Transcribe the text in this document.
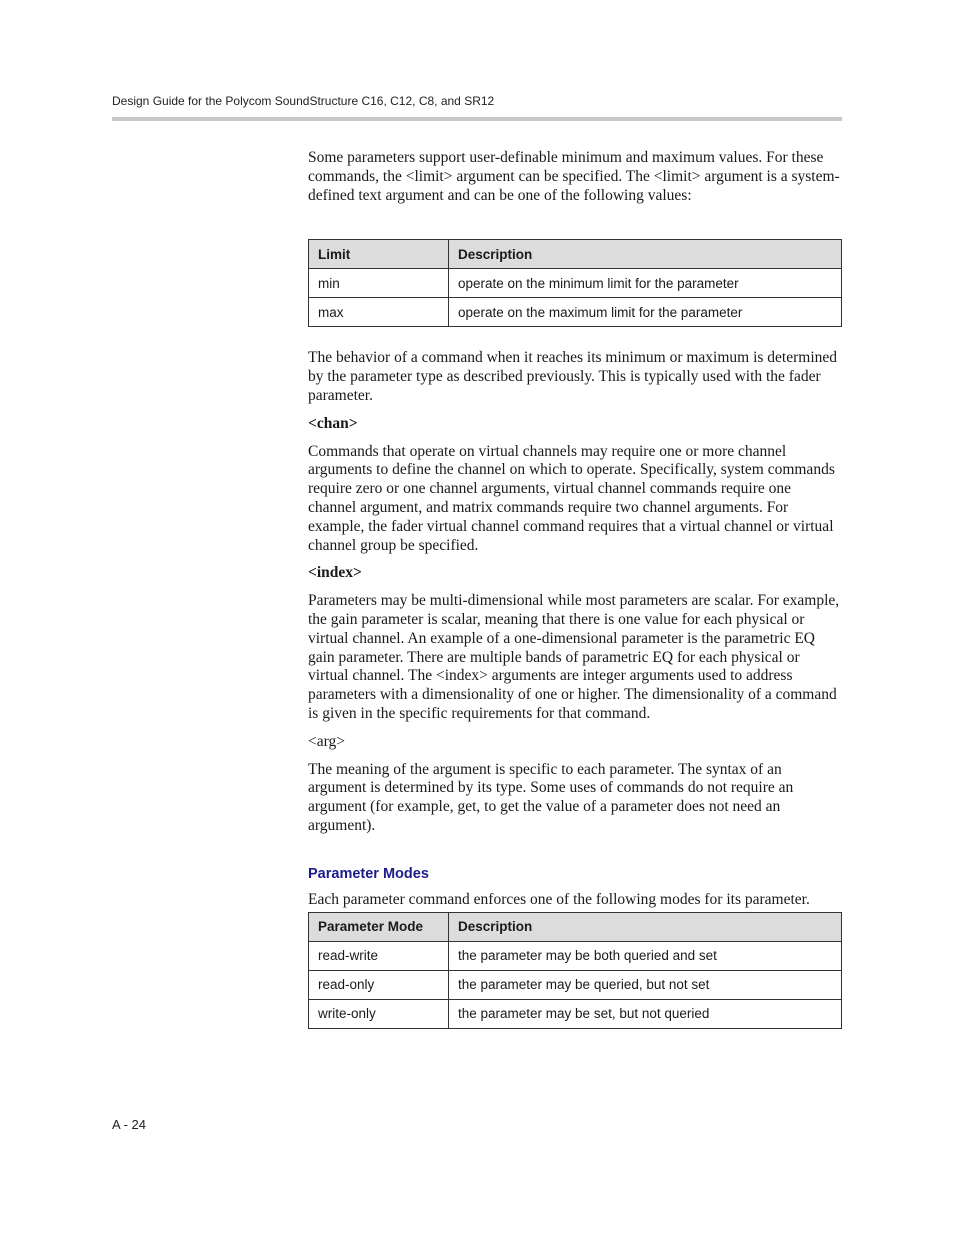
Design Guide for the Polycom SoundStructure C16, C12, C8, and SR12

Some parameters support user-definable minimum and maximum values. For these commands, the <limit> argument can be specified. The <limit> argument is a system-defined text argument and can be one of the following values:

Limit	Description
min	operate on the minimum limit for the parameter
max	operate on the maximum limit for the parameter

The behavior of a command when it reaches its minimum or maximum is determined by the parameter type as described previously. This is typically used with the fader parameter.

<chan>

Commands that operate on virtual channels may require one or more channel arguments to define the channel on which to operate. Specifically, system commands require zero or one channel arguments, virtual channel commands require one channel argument, and matrix commands require two channel arguments. For example, the fader virtual channel command requires that a virtual channel or virtual channel group be specified.

<index>

Parameters may be multi-dimensional while most parameters are scalar. For example, the gain parameter is scalar, meaning that there is one value for each physical or virtual channel. An example of a one-dimensional parameter is the parametric EQ gain parameter. There are multiple bands of parametric EQ for each physical or virtual channel. The <index> arguments are integer arguments used to address parameters with a dimensionality of one or higher. The dimensionality of a command is given in the specific requirements for that command.

<arg>

The meaning of the argument is specific to each parameter. The syntax of an argument is determined by its type. Some uses of commands do not require an argument (for example, get, to get the value of a parameter does not need an argument).

Parameter Modes

Each parameter command enforces one of the following modes for its parameter.

Parameter Mode	Description
read-write	the parameter may be both queried and set
read-only	the parameter may be queried, but not set
write-only	the parameter may be set, but not queried
A - 24
